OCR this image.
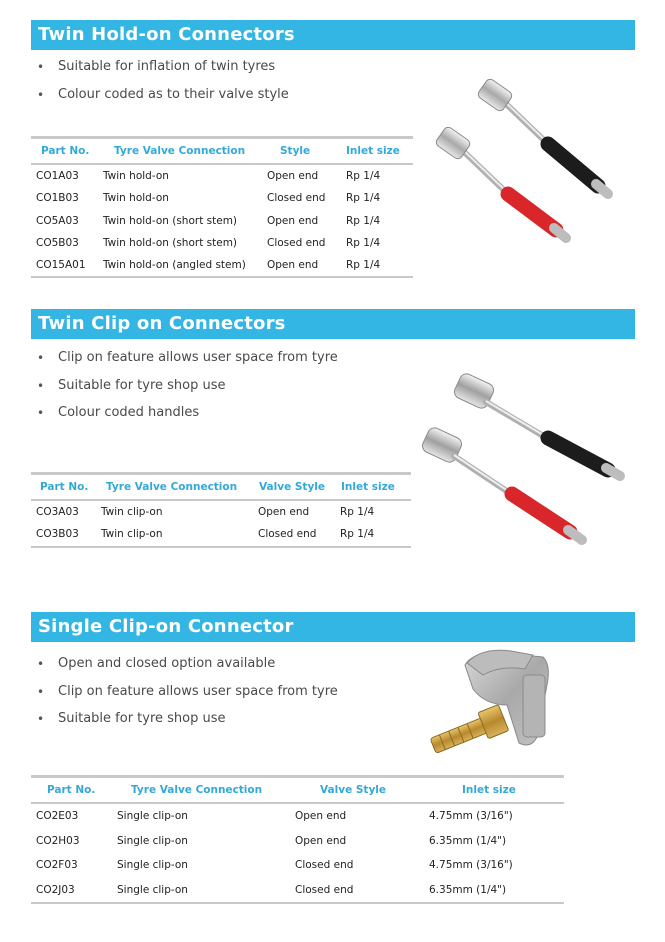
Twin Hold-on Connectors
• Suitable for inflation of twin tyres
• Colour coded as to their valve style
Part No.	Tyre Valve Connection	Style	Inlet size
CO1A03	Twin hold-on	Open end	Rp 1/4
CO1B03	Twin hold-on	Closed end	Rp 1/4
CO5A03	Twin hold-on (short stem)	Open end	Rp 1/4
CO5B03	Twin hold-on (short stem)	Closed end	Rp 1/4
CO15A01	Twin hold-on (angled stem)	Open end	Rp 1/4
Twin Clip on Connectors
• Clip on feature allows user space from tyre
• Suitable for tyre shop use
• Colour coded handles
Part No.	Tyre Valve Connection	Valve Style	Inlet size
CO3A03	Twin clip-on	Open end	Rp 1/4
CO3B03	Twin clip-on	Closed end	Rp 1/4
Single Clip-on Connector
• Open and closed option available
• Clip on feature allows user space from tyre
• Suitable for tyre shop use
Part No.	Tyre Valve Connection	Valve Style	Inlet size
CO2E03	Single clip-on	Open end	4.75mm (3/16")
CO2H03	Single clip-on	Open end	6.35mm (1/4")
CO2F03	Single clip-on	Closed end	4.75mm (3/16")
CO2J03	Single clip-on	Closed end	6.35mm (1/4")
